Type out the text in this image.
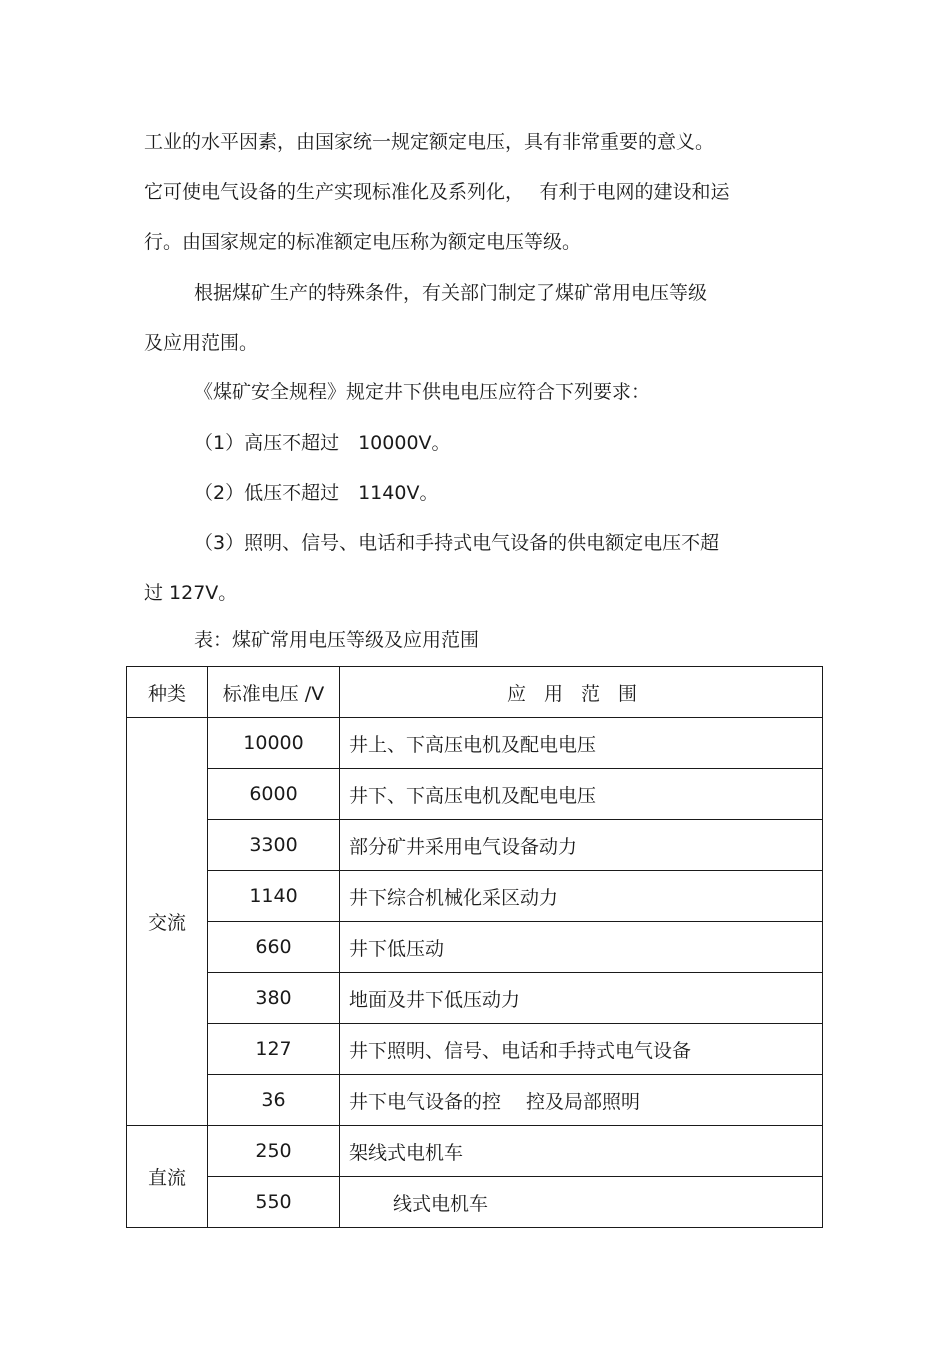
工业的水平因素，由国家统一规定额定电压，具有非常重要的意义。
它可使电气设备的生产实现标准化及系列化，　 有利于电网的建设和运
行。由国家规定的标准额定电压称为额定电压等级。
根据煤矿生产的特殊条件，有关部门制定了煤矿常用电压等级
及应用范围。
《煤矿安全规程》规定井下供电电压应符合下列要求：
（1）高压不超过　10000V。
（2）低压不超过　1140V。
（3）照明、信号、电话和手持式电气设备的供电额定电压不超
过 127V。
表：煤矿常用电压等级及应用范围
种类	标准电压 /V	应用范围
交流	10000	井上、下高压电机及配电电压
	6000	井下、下高压电机及配电电压
	3300	部分矿井采用电气设备动力
	1140	井下综合机械化采区动力
	660	井下低压动
	380	地面及井下低压动力
	127	井下照明、信号、电话和手持式电气设备
	36	井下电气设备的控　 控及局部照明
直流	250	架线式电机车
	550	　　 线式电机车
